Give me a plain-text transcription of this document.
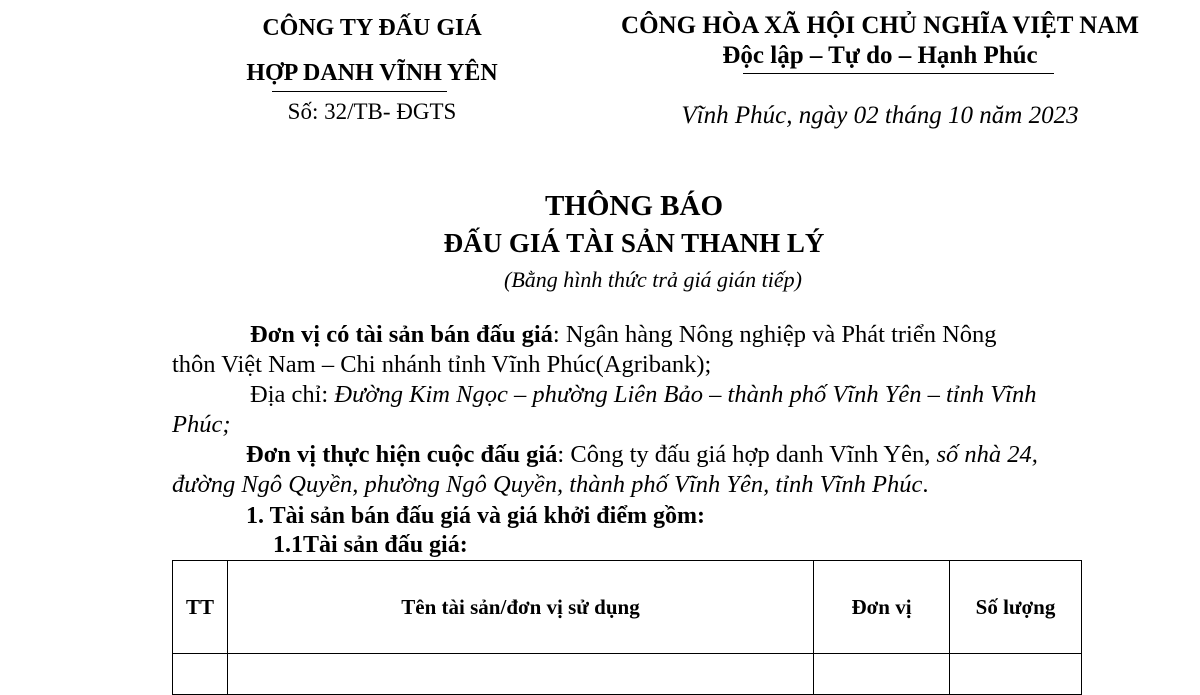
CÔNG TY ĐẤU GIÁ
HỢP DANH VĨNH YÊN
Số: 32/TB- ĐGTS
CÔNG HÒA XÃ HỘI CHỦ NGHĨA VIỆT NAM
Độc lập – Tự do – Hạnh Phúc
Vĩnh Phúc, ngày 02 tháng 10 năm 2023
THÔNG BÁO
ĐẤU GIÁ TÀI SẢN THANH LÝ
(Bằng hình thức trả giá gián tiếp)
Đơn vị có tài sản bán đấu giá: Ngân hàng Nông nghiệp và Phát triển Nông
thôn Việt Nam – Chi nhánh tỉnh Vĩnh Phúc(Agribank);
Địa chỉ: Đường Kim Ngọc – phường Liên Bảo – thành phố Vĩnh Yên – tỉnh Vĩnh
Phúc;
Đơn vị thực hiện cuộc đấu giá: Công ty đấu giá hợp danh Vĩnh Yên, số nhà 24,
đường Ngô Quyền, phường Ngô Quyền, thành phố Vĩnh Yên, tỉnh Vĩnh Phúc.
1. Tài sản bán đấu giá và giá khởi điểm gồm:
1.1Tài sản đấu giá:
TT	Tên tài sản/đơn vị sử dụng	Đơn vị	Số lượng
